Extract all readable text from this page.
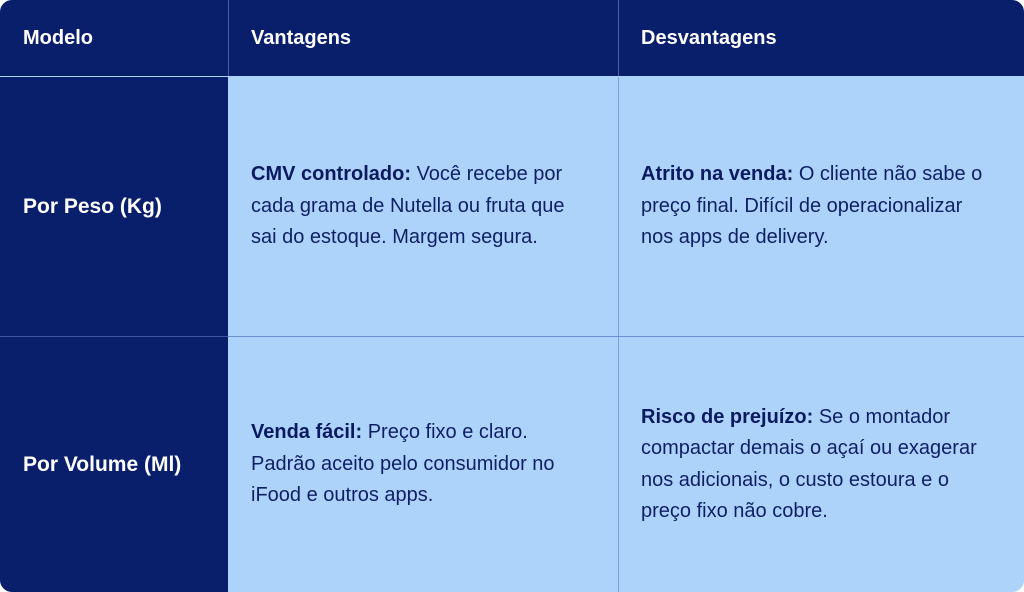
Modelo	Vantagens	Desvantagens
Por Peso (Kg)
CMV controlado: Você recebe por cada grama de Nutella ou fruta que sai do estoque. Margem segura.
Atrito na venda: O cliente não sabe o preço final. Difícil de operacionalizar nos apps de delivery.
Por Volume (Ml)
Venda fácil: Preço fixo e claro. Padrão aceito pelo consumidor no iFood e outros apps.
Risco de prejuízo: Se o montador compactar demais o açaí ou exagerar nos adicionais, o custo estoura e o preço fixo não cobre.
